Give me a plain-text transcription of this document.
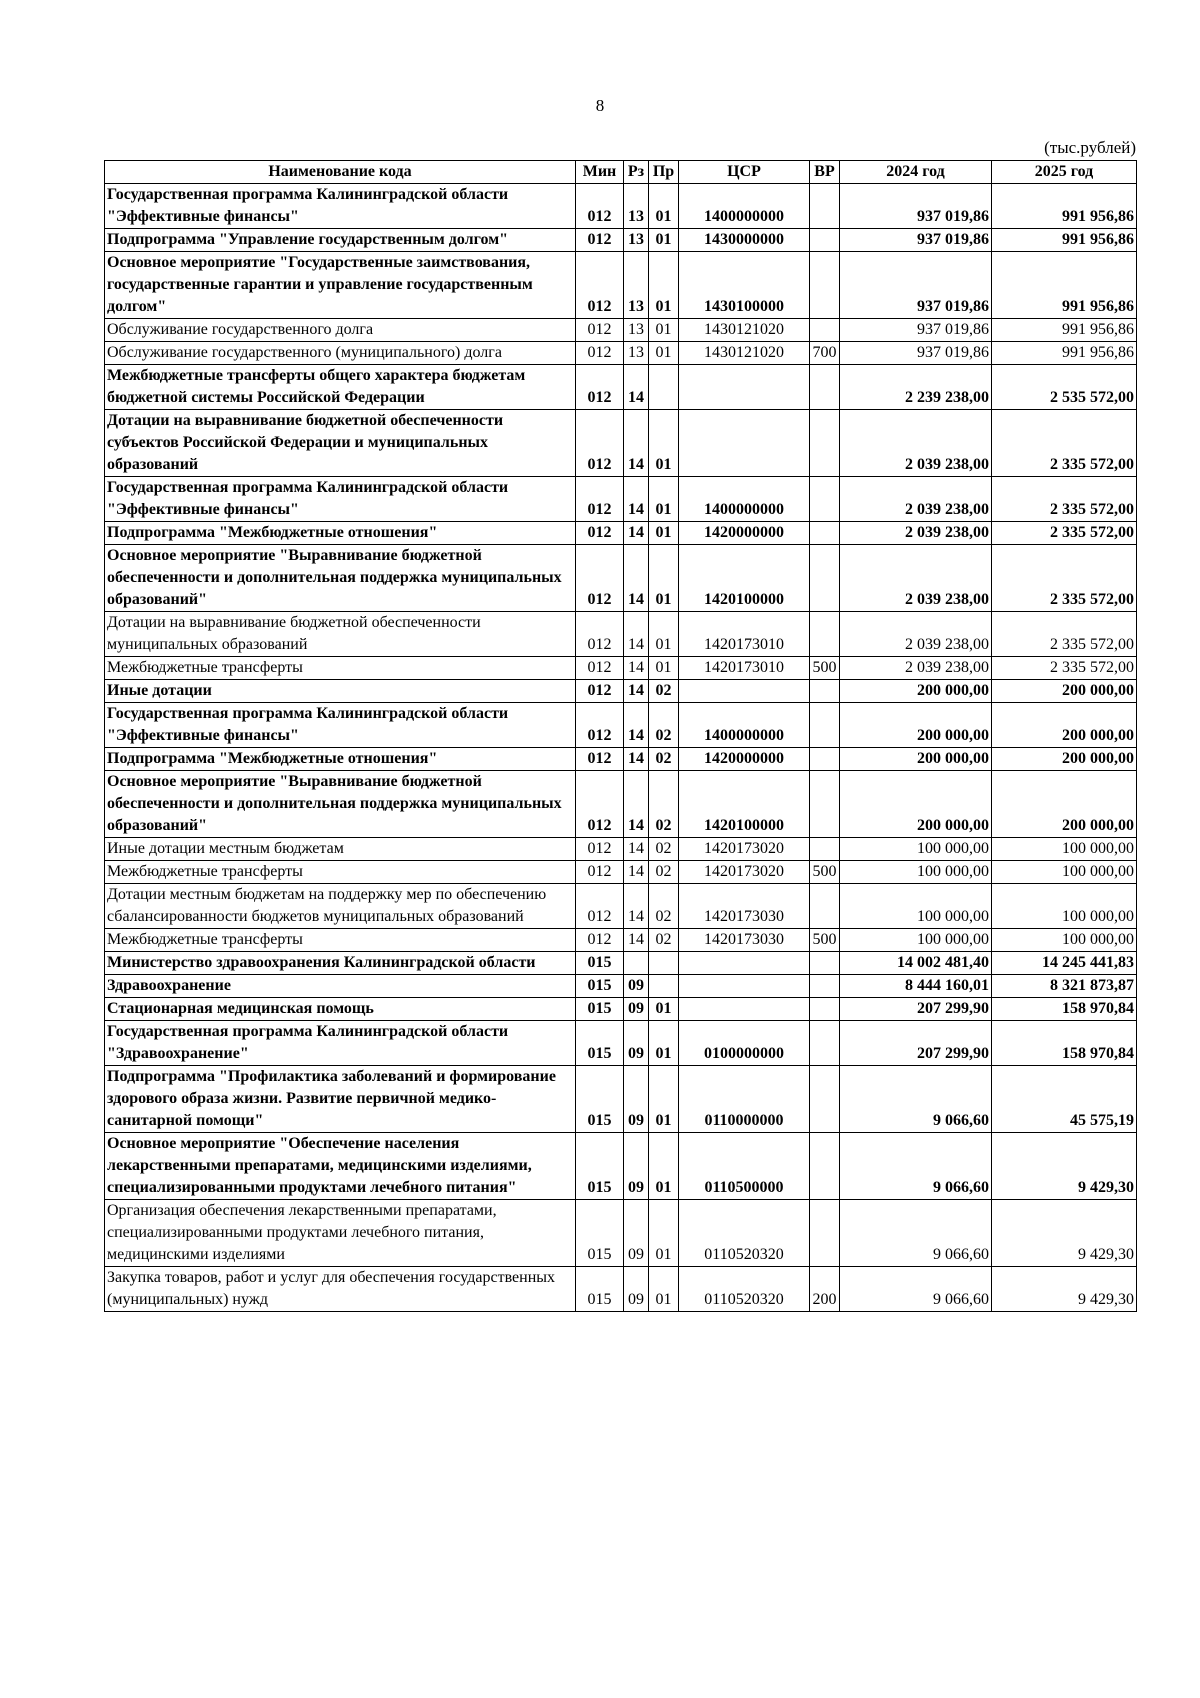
8
(тыс.рублей)
Наименование кода	Мин	Рз	Пр	ЦСР	ВР	2024 год	2025 год
Государственная программа Калининградской области "Эффективные финансы"	012	13	01	1400000000		937 019,86	991 956,86
Подпрограмма "Управление государственным долгом"	012	13	01	1430000000		937 019,86	991 956,86
Основное мероприятие "Государственные заимствования, государственные гарантии и управление государственным долгом"	012	13	01	1430100000		937 019,86	991 956,86
Обслуживание государственного долга	012	13	01	1430121020		937 019,86	991 956,86
Обслуживание государственного (муниципального) долга	012	13	01	1430121020	700	937 019,86	991 956,86
Межбюджетные трансферты общего характера бюджетам бюджетной системы Российской Федерации	012	14				2 239 238,00	2 535 572,00
Дотации на выравнивание бюджетной обеспеченности субъектов Российской Федерации и муниципальных образований	012	14	01			2 039 238,00	2 335 572,00
Государственная программа Калининградской области "Эффективные финансы"	012	14	01	1400000000		2 039 238,00	2 335 572,00
Подпрограмма "Межбюджетные отношения"	012	14	01	1420000000		2 039 238,00	2 335 572,00
Основное мероприятие "Выравнивание бюджетной обеспеченности и дополнительная поддержка муниципальных образований"	012	14	01	1420100000		2 039 238,00	2 335 572,00
Дотации на выравнивание бюджетной обеспеченности муниципальных образований	012	14	01	1420173010		2 039 238,00	2 335 572,00
Межбюджетные трансферты	012	14	01	1420173010	500	2 039 238,00	2 335 572,00
Иные дотации	012	14	02			200 000,00	200 000,00
Государственная программа Калининградской области "Эффективные финансы"	012	14	02	1400000000		200 000,00	200 000,00
Подпрограмма "Межбюджетные отношения"	012	14	02	1420000000		200 000,00	200 000,00
Основное мероприятие "Выравнивание бюджетной обеспеченности и дополнительная поддержка муниципальных образований"	012	14	02	1420100000		200 000,00	200 000,00
Иные дотации местным бюджетам	012	14	02	1420173020		100 000,00	100 000,00
Межбюджетные трансферты	012	14	02	1420173020	500	100 000,00	100 000,00
Дотации местным бюджетам на поддержку мер по обеспечению сбалансированности бюджетов муниципальных образований	012	14	02	1420173030		100 000,00	100 000,00
Межбюджетные трансферты	012	14	02	1420173030	500	100 000,00	100 000,00
Министерство здравоохранения Калининградской области	015					14 002 481,40	14 245 441,83
Здравоохранение	015	09				8 444 160,01	8 321 873,87
Стационарная медицинская помощь	015	09	01			207 299,90	158 970,84
Государственная программа Калининградской области "Здравоохранение"	015	09	01	0100000000		207 299,90	158 970,84
Подпрограмма "Профилактика заболеваний и формирование здорового образа жизни. Развитие первичной медико-санитарной помощи"	015	09	01	0110000000		9 066,60	45 575,19
Основное мероприятие "Обеспечение населения лекарственными препаратами, медицинскими изделиями, специализированными продуктами лечебного питания"	015	09	01	0110500000		9 066,60	9 429,30
Организация обеспечения лекарственными препаратами, специализированными продуктами лечебного питания, медицинскими изделиями	015	09	01	0110520320		9 066,60	9 429,30
Закупка товаров, работ и услуг для обеспечения государственных (муниципальных) нужд	015	09	01	0110520320	200	9 066,60	9 429,30
